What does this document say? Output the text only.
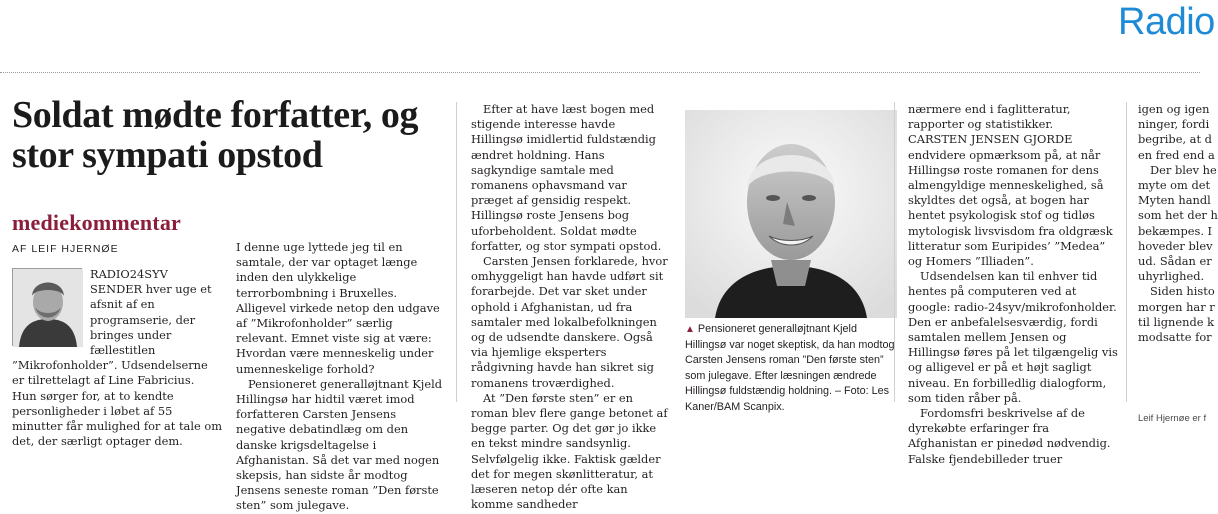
Radio
Soldat mødte forfatter, og stor sympati opstod
mediekommentar
AF LEIF HJERNØE

RADIO24SYV SENDER hver uge et afsnit af en programserie, der bringes under fællestitlen ”Mikrofonholder”. Udsendelserne er tilrettelagt af Line Fabricius. Hun sørger for, at to kendte personligheder i løbet af 55 minutter får mulighed for at tale om det, der særligt optager dem.

I denne uge lyttede jeg til en samtale, der var optaget længe inden den ulykkelige terrorbombning i Bruxelles. Alligevel virkede netop den udgave af ”Mikrofonholder” særlig relevant. Emnet viste sig at være: Hvordan være menneskelig under umenneskelige forhold?

Pensioneret generalløjtnant Kjeld Hillingsø har hidtil været imod forfatteren Carsten Jensens negative debatindlæg om den danske krigsdeltagelse i Afghanistan. Så det var med nogen skepsis, han sidste år modtog Jensens seneste roman ”Den første sten” som julegave.

Efter at have læst bogen med stigende interesse havde Hillingsø imidlertid fuldstændig ændret holdning. Hans sagkyndige samtale med romanens ophavsmand var præget af gensidig respekt. Hillingsø roste Jensens bog uforbeholdent. Soldat mødte forfatter, og stor sympati opstod.

Carsten Jensen forklarede, hvor omhyggeligt han havde udført sit forarbejde. Det var sket under ophold i Afghanistan, ud fra samtaler med lokalbefolkningen og de udsendte danskere. Også via hjemlige eksperters rådgivning havde han sikret sig romanens troværdighed.

At ”Den første sten” er en roman blev flere gange betonet af begge parter. Og det gør jo ikke en tekst mindre sandsynlig. Selvfølgelig ikke. Faktisk gælder det for megen skønlitteratur, at læseren netop dér ofte kan komme sandheder

▲ Pensioneret generalløjtnant Kjeld Hillingsø var noget skeptisk, da han modtog Carsten Jensens roman ”Den første sten” som julegave. Efter læsningen ændrede Hillingsø fuldstændig holdning. – Foto: Les Kaner/BAM Scanpix.

nærmere end i faglitteratur, rapporter og statistikker.

CARSTEN JENSEN GJORDE endvidere opmærksom på, at når Hillingsø roste romanen for dens almengyldige menneskelighed, så skyldtes det også, at bogen har hentet psykologisk stof og tidløs mytologisk livsvisdom fra oldgræsk litteratur som Euripides’ ”Medea” og Homers ”Illiaden”.

Udsendelsen kan til enhver tid hentes på computeren ved at google: radio-24syv/mikrofonholder. Den er anbefalelsesværdig, fordi samtalen mellem Jensen og Hillingsø føres på let tilgængelig vis og alligevel er på et højt sagligt niveau. En forbilledlig dialogform, som tiden råber på.

Fordomsfri beskrivelse af de dyrekøbte erfaringer fra Afghanistan er pinedød nødvendig. Falske fjendebilleder truer

igen og igen

ninger, fordi

begribe, at d

en fred end a

Der blev he

myte om det

Myten handl

som het der h

bekæmpes. I

hoveder blev

ud. Sådan er

uhyrlighed.

Siden histo

morgen har r

til lignende k

modsatte for

Leif Hjernøe er f
